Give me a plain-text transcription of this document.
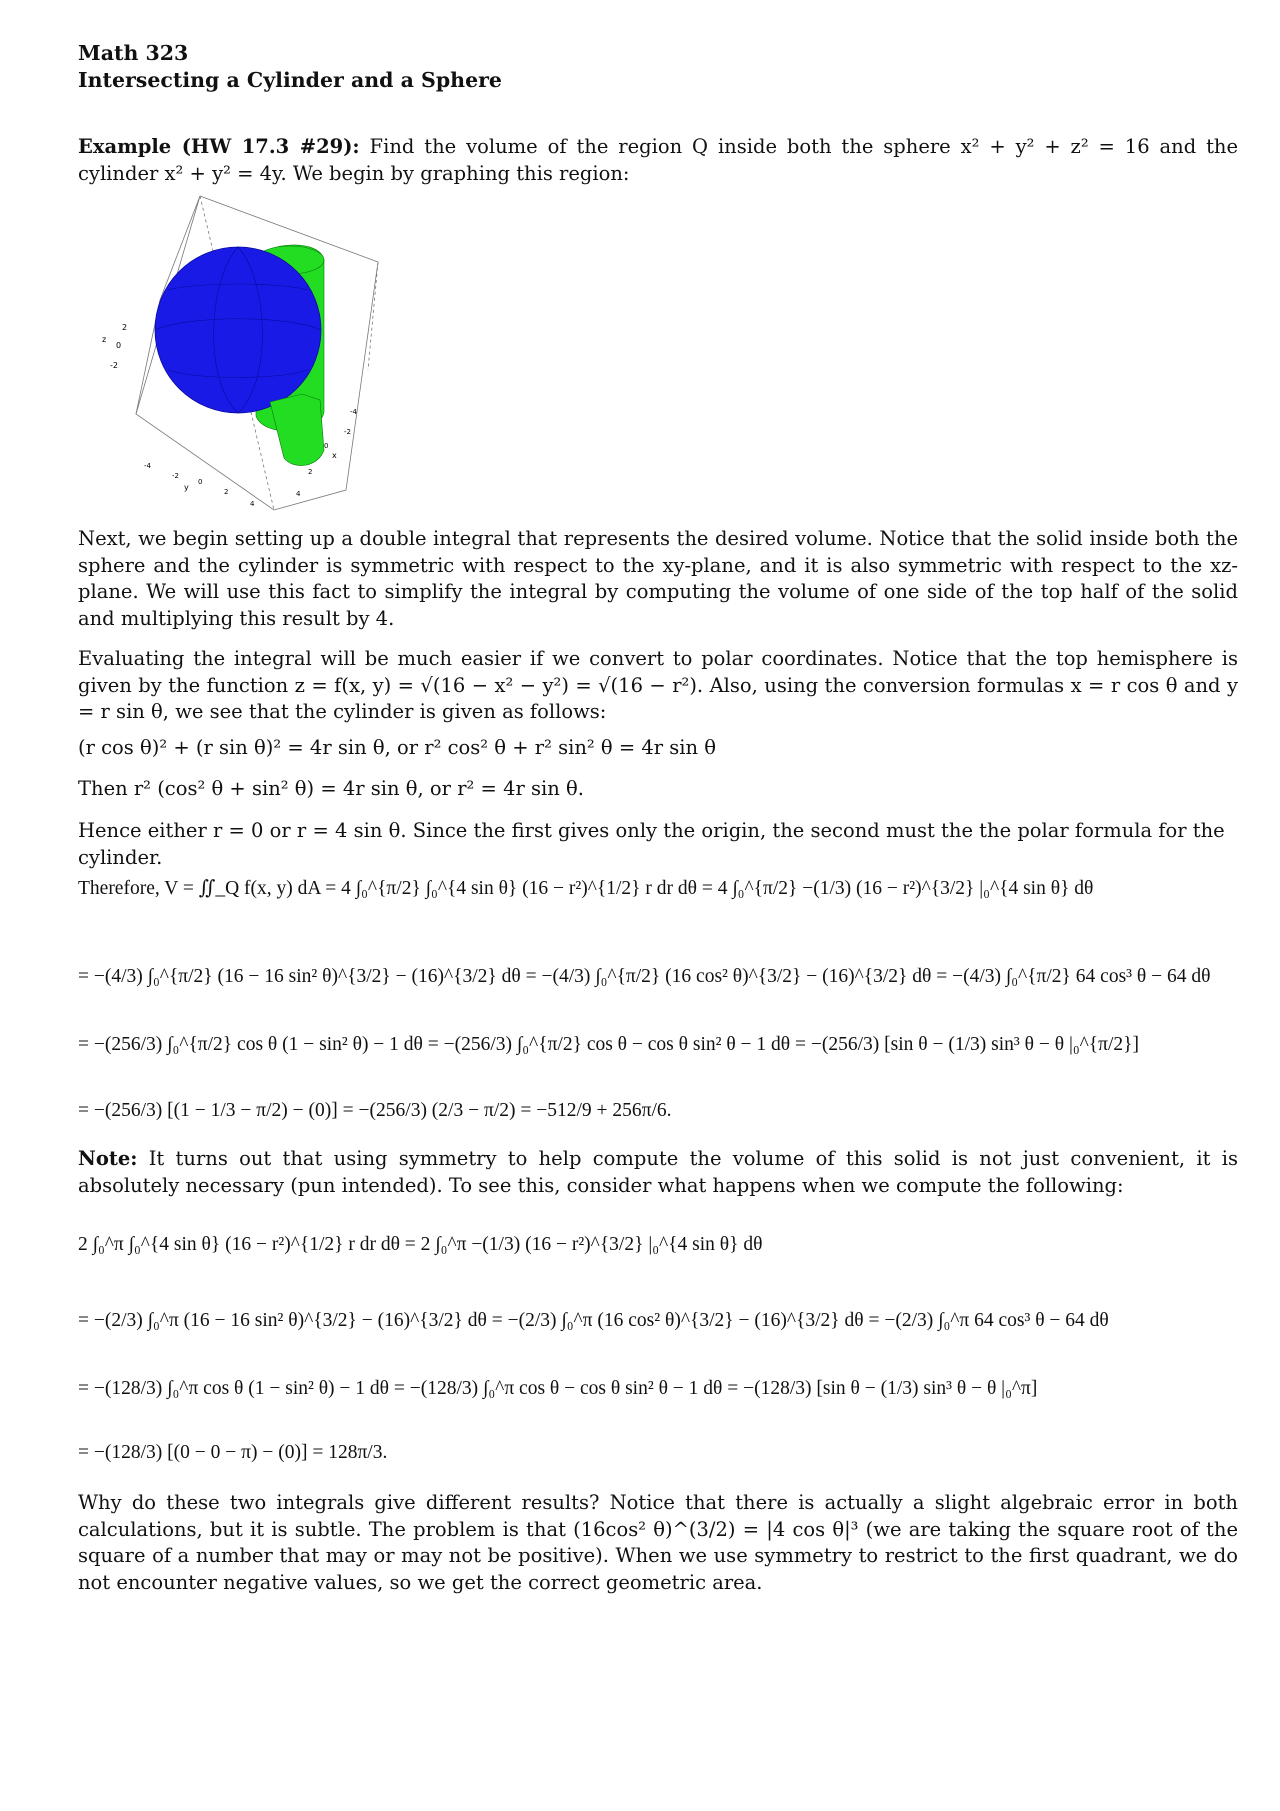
Math 323
Intersecting a Cylinder and a Sphere
Example (HW 17.3 #29): Find the volume of the region Q inside both the sphere x² + y² + z² = 16 and the cylinder x² + y² = 4y. We begin by graphing this region:
z
2
0
-2
y
-4
-2
0
2
4
x
-4
-2
0
2
4
Next, we begin setting up a double integral that represents the desired volume. Notice that the solid inside both the sphere and the cylinder is symmetric with respect to the xy-plane, and it is also symmetric with respect to the xz-plane. We will use this fact to simplify the integral by computing the volume of one side of the top half of the solid and multiplying this result by 4.
Evaluating the integral will be much easier if we convert to polar coordinates. Notice that the top hemisphere is given by the function z = f(x, y) = √(16 − x² − y²) = √(16 − r²). Also, using the conversion formulas x = r cos θ and y = r sin θ, we see that the cylinder is given as follows:
(r cos θ)² + (r sin θ)² = 4r sin θ, or r² cos² θ + r² sin² θ = 4r sin θ
Then r² (cos² θ + sin² θ) = 4r sin θ, or r² = 4r sin θ.
Hence either r = 0 or r = 4 sin θ. Since the first gives only the origin, the second must the the polar formula for the cylinder.
Therefore, V = ∬_Q f(x, y) dA = 4 ∫₀^{π/2} ∫₀^{4 sin θ} (16 − r²)^{1/2} r dr dθ = 4 ∫₀^{π/2} −(1/3) (16 − r²)^{3/2} |₀^{4 sin θ} dθ
= −(4/3) ∫₀^{π/2} (16 − 16 sin² θ)^{3/2} − (16)^{3/2} dθ = −(4/3) ∫₀^{π/2} (16 cos² θ)^{3/2} − (16)^{3/2} dθ = −(4/3) ∫₀^{π/2} 64 cos³ θ − 64 dθ
= −(256/3) ∫₀^{π/2} cos θ (1 − sin² θ) − 1 dθ = −(256/3) ∫₀^{π/2} cos θ − cos θ sin² θ − 1 dθ = −(256/3) [sin θ − (1/3) sin³ θ − θ |₀^{π/2}]
= −(256/3) [(1 − 1/3 − π/2) − (0)] = −(256/3) (2/3 − π/2) = −512/9 + 256π/6.
Note: It turns out that using symmetry to help compute the volume of this solid is not just convenient, it is absolutely necessary (pun intended). To see this, consider what happens when we compute the following:
2 ∫₀^π ∫₀^{4 sin θ} (16 − r²)^{1/2} r dr dθ = 2 ∫₀^π −(1/3) (16 − r²)^{3/2} |₀^{4 sin θ} dθ
= −(2/3) ∫₀^π (16 − 16 sin² θ)^{3/2} − (16)^{3/2} dθ = −(2/3) ∫₀^π (16 cos² θ)^{3/2} − (16)^{3/2} dθ = −(2/3) ∫₀^π 64 cos³ θ − 64 dθ
= −(128/3) ∫₀^π cos θ (1 − sin² θ) − 1 dθ = −(128/3) ∫₀^π cos θ − cos θ sin² θ − 1 dθ = −(128/3) [sin θ − (1/3) sin³ θ − θ |₀^π]
= −(128/3) [(0 − 0 − π) − (0)] = 128π/3.
Why do these two integrals give different results? Notice that there is actually a slight algebraic error in both calculations, but it is subtle. The problem is that (16cos² θ)^(3/2) = |4 cos θ|³ (we are taking the square root of the square of a number that may or may not be positive). When we use symmetry to restrict to the first quadrant, we do not encounter negative values, so we get the correct geometric area.
